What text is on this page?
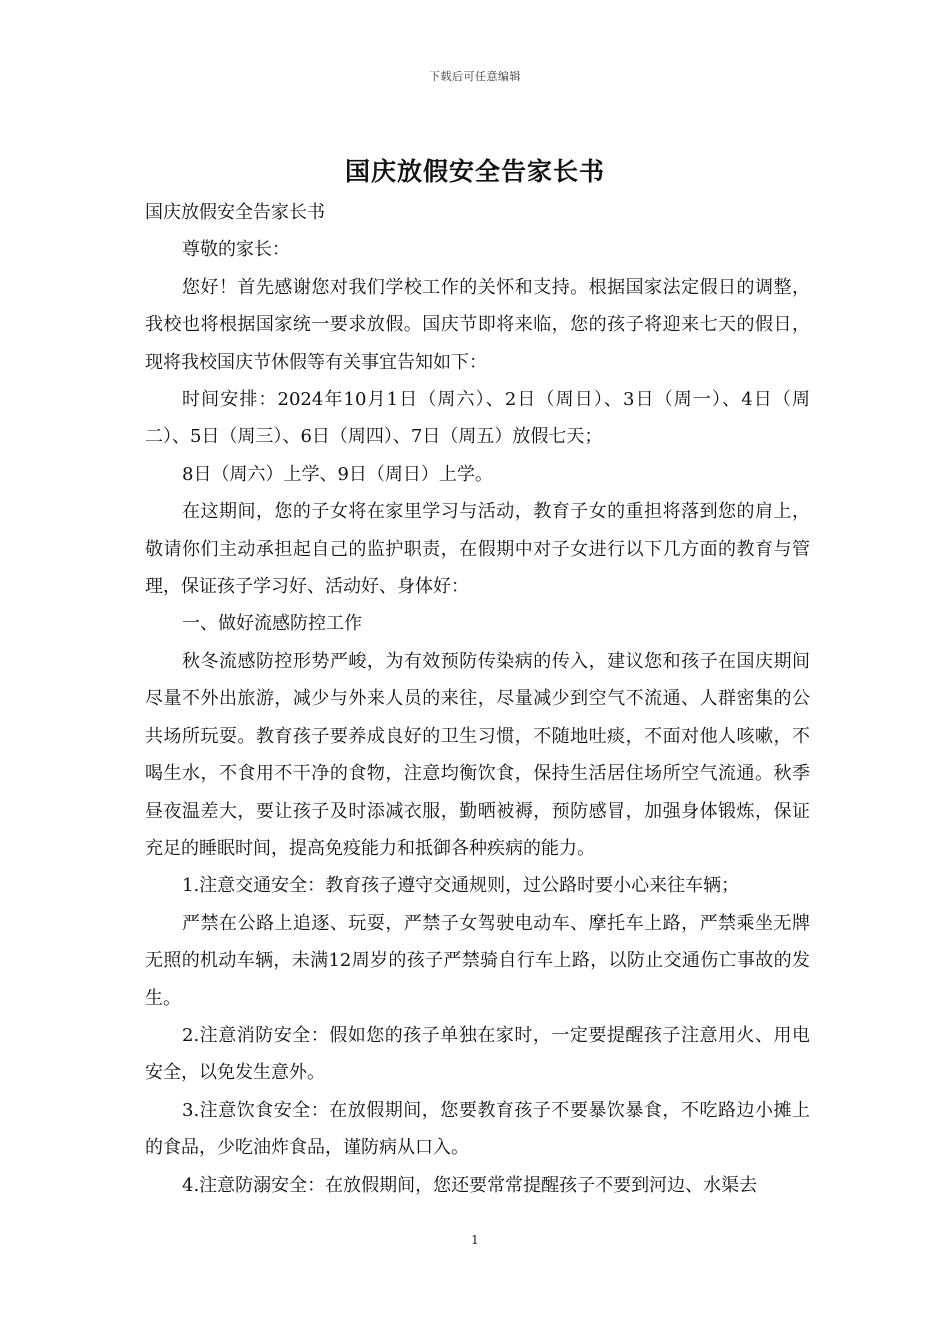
下载后可任意编辑
国庆放假安全告家长书

国庆放假安全告家长书

尊敬的家长：

您好！首先感谢您对我们学校工作的关怀和支持。根据国家法定假日的调整，我校也将根据国家统一要求放假。国庆节即将来临，您的孩子将迎来七天的假日，现将我校国庆节休假等有关事宜告知如下：

时间安排：2024年10月1日（周六）、2日（周日）、3日（周一）、4日（周二）、5日（周三）、6日（周四）、7日（周五）放假七天；

8日（周六）上学、9日（周日）上学。

在这期间，您的子女将在家里学习与活动，教育子女的重担将落到您的肩上，敬请你们主动承担起自己的监护职责，在假期中对子女进行以下几方面的教育与管理，保证孩子学习好、活动好、身体好：

一、做好流感防控工作

秋冬流感防控形势严峻，为有效预防传染病的传入，建议您和孩子在国庆期间尽量不外出旅游，减少与外来人员的来往，尽量减少到空气不流通、人群密集的公共场所玩耍。教育孩子要养成良好的卫生习惯，不随地吐痰，不面对他人咳嗽，不喝生水，不食用不干净的食物，注意均衡饮食，保持生活居住场所空气流通。秋季昼夜温差大，要让孩子及时添减衣服，勤晒被褥，预防感冒，加强身体锻炼，保证充足的睡眠时间，提高免疫能力和抵御各种疾病的能力。

1.注意交通安全：教育孩子遵守交通规则，过公路时要小心来往车辆；

严禁在公路上追逐、玩耍，严禁子女驾驶电动车、摩托车上路，严禁乘坐无牌无照的机动车辆，未满12周岁的孩子严禁骑自行车上路，以防止交通伤亡事故的发生。

2.注意消防安全：假如您的孩子单独在家时，一定要提醒孩子注意用火、用电安全，以免发生意外。

3.注意饮食安全：在放假期间，您要教育孩子不要暴饮暴食，不吃路边小摊上的食品，少吃油炸食品，谨防病从口入。

4.注意防溺安全：在放假期间，您还要常常提醒孩子不要到河边、水渠去

1
